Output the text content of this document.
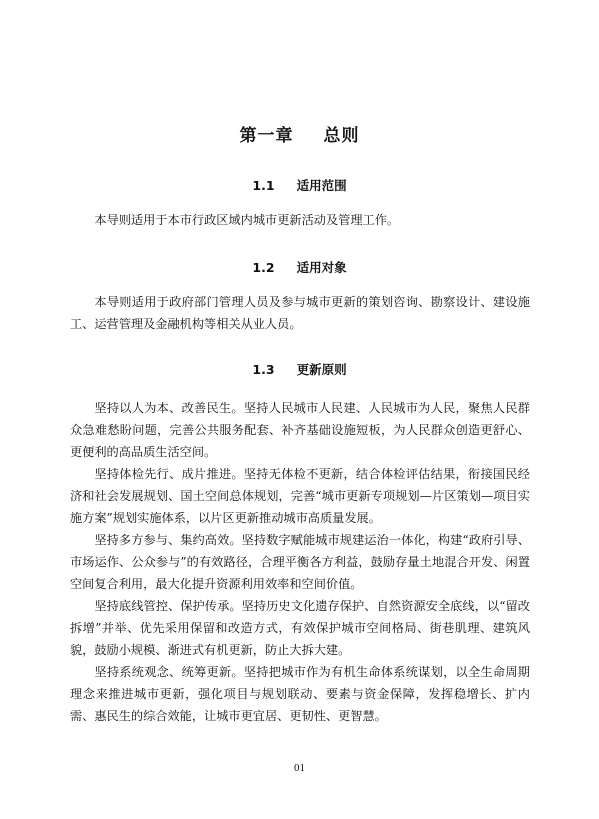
第一章 总则
1.1 适用范围

本导则适用于本市行政区域内城市更新活动及管理工作。

1.2 适用对象

本导则适用于政府部门管理人员及参与城市更新的策划咨询、勘察设计、建设施工、运营管理及金融机构等相关从业人员。

1.3 更新原则

坚持以人为本、改善民生。坚持人民城市人民建、人民城市为人民，聚焦人民群众急难愁盼问题，完善公共服务配套、补齐基础设施短板，为人民群众创造更舒心、更便利的高品质生活空间。

坚持体检先行、成片推进。坚持无体检不更新，结合体检评估结果，衔接国民经济和社会发展规划、国土空间总体规划，完善“城市更新专项规划—片区策划—项目实施方案”规划实施体系，以片区更新推动城市高质量发展。

坚持多方参与、集约高效。坚持数字赋能城市规建运治一体化，构建“政府引导、市场运作、公众参与”的有效路径，合理平衡各方利益，鼓励存量土地混合开发、闲置空间复合利用，最大化提升资源利用效率和空间价值。

坚持底线管控、保护传承。坚持历史文化遗存保护、自然资源安全底线，以“留改拆增”并举、优先采用保留和改造方式，有效保护城市空间格局、街巷肌理、建筑风貌，鼓励小规模、渐进式有机更新，防止大拆大建。

坚持系统观念、统筹更新。坚持把城市作为有机生命体系统谋划，以全生命周期理念来推进城市更新，强化项目与规划联动、要素与资金保障，发挥稳增长、扩内需、惠民生的综合效能，让城市更宜居、更韧性、更智慧。

01
